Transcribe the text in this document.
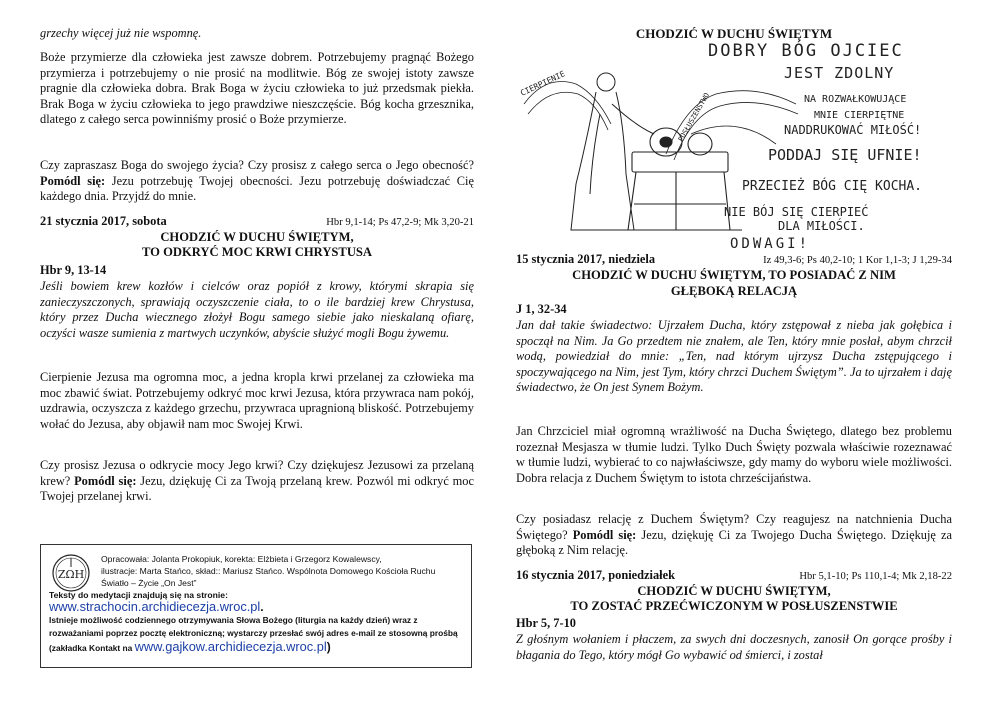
grzechy więcej już nie wspomnę.

Boże przymierze dla człowieka jest zawsze dobrem. Potrzebujemy pragnąć Bożego przymierza i potrzebujemy o nie prosić na modlitwie. Bóg ze swojej istoty zawsze pragnie dla człowieka dobra. Brak Boga w życiu człowieka to już przedsmak piekła. Brak Boga w życiu człowieka to jego prawdziwe nieszczęście. Bóg kocha grzesznika, dlatego z całego serca powinniśmy prosić o Boże przymierze.

Czy zapraszasz Boga do swojego życia? Czy prosisz z całego serca o Jego obecność? Pomódl się: Jezu potrzebuję Twojej obecności. Jezu potrzebuję doświadczać Cię każdego dnia. Przyjdź do mnie.

21 stycznia 2017, sobota	Hbr 9,1-14; Ps 47,2-9; Mk 3,20-21
CHODZIĆ W DUCHU ŚWIĘTYM,
TO ODKRYĆ MOC KRWI CHRYSTUSA
Hbr 9, 13-14

Jeśli bowiem krew kozłów i cielców oraz popiół z krowy, którymi skrapia się zanieczyszczonych, sprawiają oczyszczenie ciała, to o ile bardziej krew Chrystusa, który przez Ducha wiecznego złożył Bogu samego siebie jako nieskalaną ofiarę, oczyści wasze sumienia z martwych uczynków, abyście służyć mogli Bogu żywemu.

Cierpienie Jezusa ma ogromna moc, a jedna kropla krwi przelanej za człowieka ma moc zbawić świat. Potrzebujemy odkryć moc krwi Jezusa, która przywraca nam pokój, uzdrawia, oczyszcza z każdego grzechu, przywraca upragnioną bliskość. Potrzebujemy wołać do Jezusa, aby objawił nam moc Swojej Krwi.

Czy prosisz Jezusa o odkrycie mocy Jego krwi? Czy dziękujesz Jezusowi za przelaną krew? Pomódl się: Jezu, dziękuję Ci za Twoją przelaną krew. Pozwól mi odkryć moc Twojej przelanej krwi.

ZΩH
Opracowała: Jolanta Prokopiuk, korekta: Elżbieta i Grzegorz Kowalewscy,
ilustracje: Marta Stańco, skład:: Mariusz Stańco. Wspólnota Domowego Kościoła Ruchu
Światło – Życie „On Jest”
Teksty do medytacji znajdują się na stronie:
www.strachocin.archidiecezja.wroc.pl.
Istnieje możliwość codziennego otrzymywania Słowa Bożego (liturgia na każdy dzień) wraz z rozważaniami poprzez pocztę elektroniczną; wystarczy przesłać swój adres e-mail ze stosowną prośbą (zakładka Kontakt na www.gajkow.archidiecezja.wroc.pl)
CHODZIĆ W DUCHU ŚWIĘTYM
DOBRY BÓG OJCIEC
JEST ZDOLNY
NA ROZWAŁKOWUJĄCE
MNIE CIERPIĘTNE
NADDRUKOWAĆ MIŁOŚĆ!
PODDAJ SIĘ UFNIE!
PRZECIEŻ BÓG CIĘ KOCHA.
NIE BÓJ SIĘ CIERPIEĆ
DLA MIŁOŚCI.
ODWAGI!
CIERPIENIE
POSŁUSZEŃSTWO
15 stycznia 2017, niedziela	Iz 49,3-6; Ps 40,2-10; 1 Kor 1,1-3; J 1,29-34
CHODZIĆ W DUCHU ŚWIĘTYM, TO POSIADAĆ Z NIM
GŁĘBOKĄ RELACJĄ
J 1, 32-34

Jan dał takie świadectwo: Ujrzałem Ducha, który zstępował z nieba jak gołębica i spoczął na Nim. Ja Go przedtem nie znałem, ale Ten, który mnie posłał, abym chrzcił wodą, powiedział do mnie: „Ten, nad którym ujrzysz Ducha zstępującego i spoczywającego na Nim, jest Tym, który chrzci Duchem Świętym”. Ja to ujrzałem i daję świadectwo, że On jest Synem Bożym.

Jan Chrzciciel miał ogromną wrażliwość na Ducha Świętego, dlatego bez problemu rozeznał Mesjasza w tłumie ludzi. Tylko Duch Święty pozwala właściwie rozeznawać w tłumie ludzi, wybierać to co najwłaściwsze, gdy mamy do wyboru wiele możliwości. Dobra relacja z Duchem Świętym to istota chrześcijaństwa.

Czy posiadasz relację z Duchem Świętym? Czy reagujesz na natchnienia Ducha Świętego? Pomódl się: Jezu, dziękuję Ci za Twojego Ducha Świętego. Dziękuję za głęboką z Nim relację.

16 stycznia 2017, poniedziałek	Hbr 5,1-10; Ps 110,1-4; Mk 2,18-22
CHODZIĆ W DUCHU ŚWIĘTYM,
TO ZOSTAĆ PRZEĆWICZONYM W POSŁUSZENSTWIE
Hbr 5, 7-10

Z głośnym wołaniem i płaczem, za swych dni doczesnych, zanosił On gorące prośby i błagania do Tego, który mógł Go wybawić od śmierci, i został
